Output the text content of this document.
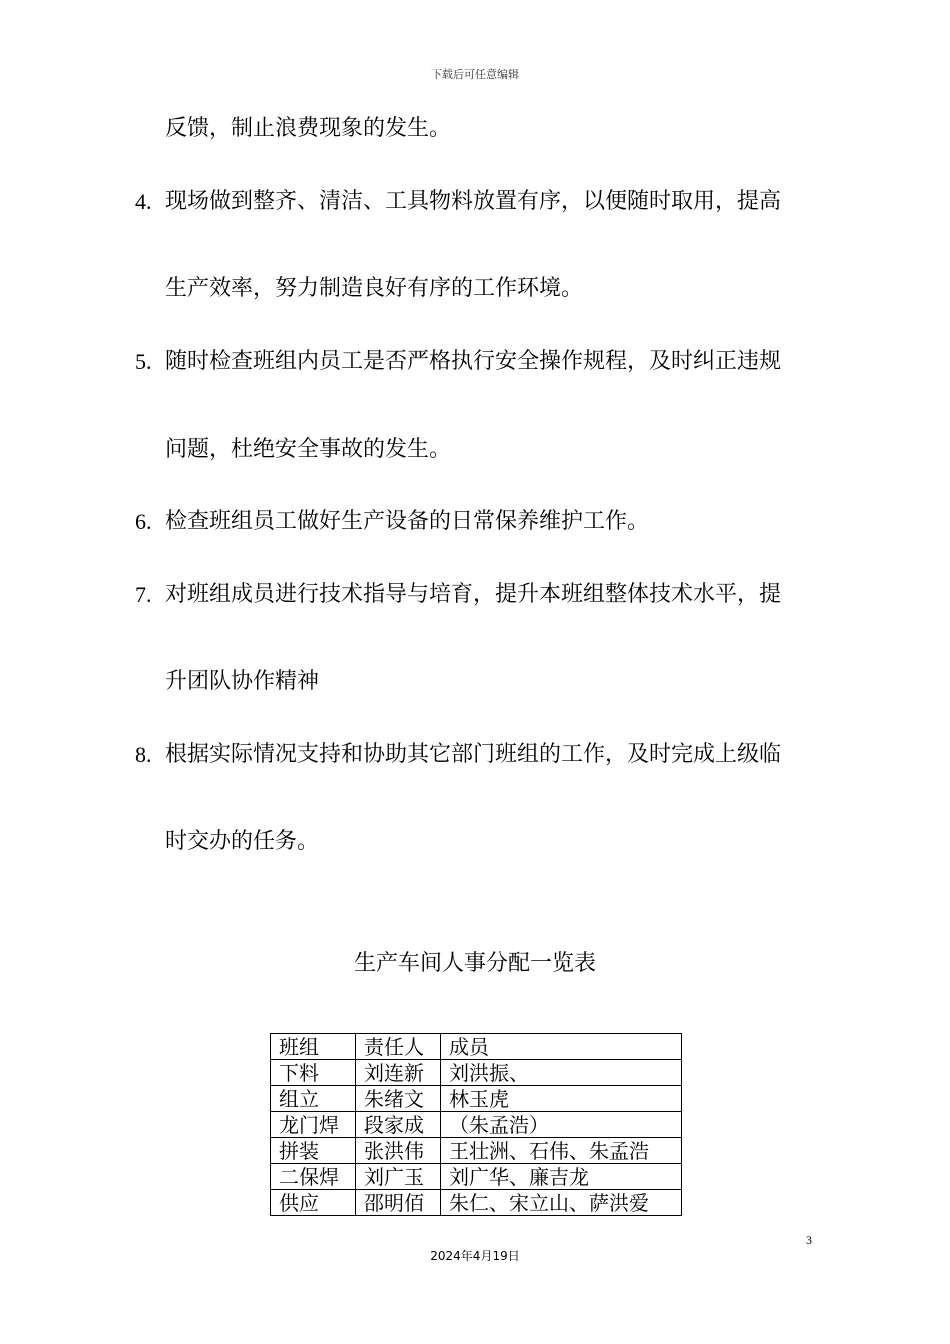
下载后可任意编辑
反馈，制止浪费现象的发生。
4. 现场做到整齐、清洁、工具物料放置有序，以便随时取用，提高
生产效率，努力制造良好有序的工作环境。
5. 随时检查班组内员工是否严格执行安全操作规程，及时纠正违规
问题，杜绝安全事故的发生。
6. 检查班组员工做好生产设备的日常保养维护工作。
7. 对班组成员进行技术指导与培育，提升本班组整体技术水平，提
升团队协作精神
8. 根据实际情况支持和协助其它部门班组的工作，及时完成上级临
时交办的任务。
生产车间人事分配一览表
班组	责任人	成员
下料	刘连新	刘洪振、
组立	朱绪文	林玉虎
龙门焊	段家成	（朱孟浩）
拼装	张洪伟	王壮洲、石伟、朱孟浩
二保焊	刘广玉	刘广华、廉吉龙
供应	邵明佰	朱仁、宋立山、萨洪爱
3
2024年4月19日
